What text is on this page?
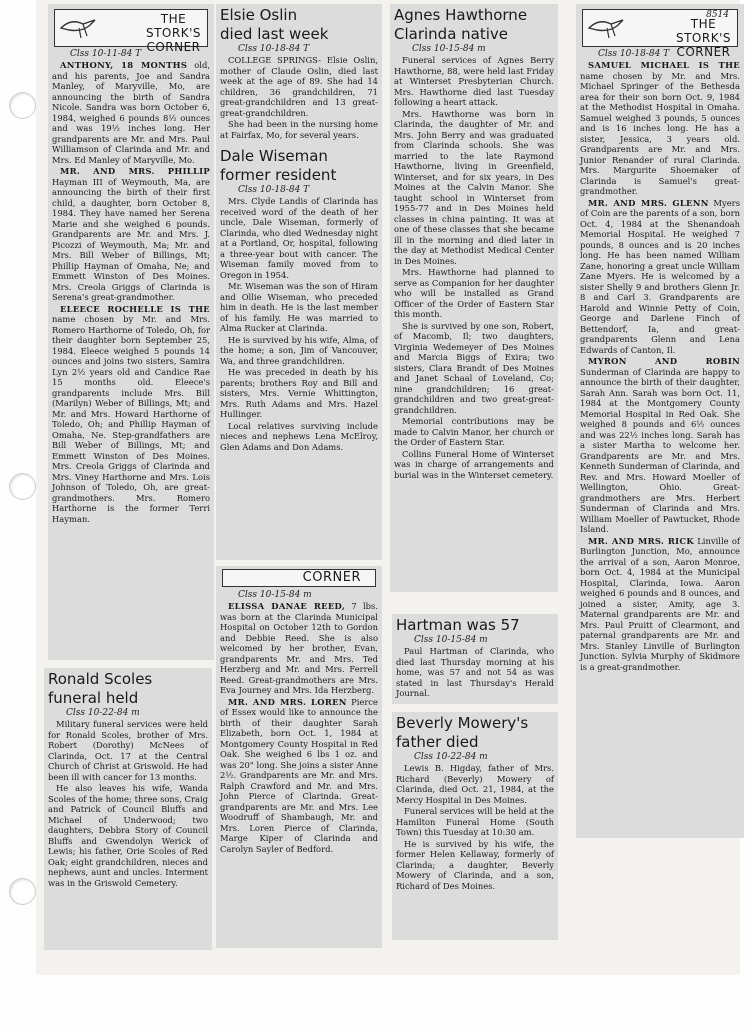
THE
STORK'S
CORNER
Clss 10-11-84 T

ANTHONY, 18 MONTHS old, and his parents, Joe and Sandra Manley, of Maryville, Mo, are announcing the birth of Sandra Nicole. Sandra was born October 6, 1984, weighed 6 pounds 8½ ounces and was 19½ inches long. Her grandparents are Mr. and Mrs. Paul Williamson of Clarinda and Mr. and Mrs. Ed Manley of Maryville, Mo.

MR. AND MRS. PHILLIP Hayman III of Weymouth, Ma, are announcing the birth of their first child, a daughter, born October 8, 1984. They have named her Serena Marie and she weighed 6 pounds. Grandparents are Mr. and Mrs. J. Picozzi of Weymouth, Ma; Mr. and Mrs. Bill Weber of Billings, Mt; Phillip Hayman of Omaha, Ne; and Emmett Winston of Des Moines. Mrs. Creola Griggs of Clarinda is Serena's great-grandmother.

ELEECE ROCHELLE IS THE name chosen by Mr. and Mrs. Romero Harthorne of Toledo, Oh, for their daughter born September 25, 1984. Eleece weighed 5 pounds 14 ounces and joins two sisters, Samira Lyn 2½ years old and Candice Rae 15 months old. Eleece's grandparents include Mrs. Bill (Marilyn) Weber of Billings, Mt; and Mr. and Mrs. Howard Harthorne of Toledo, Oh; and Phillip Hayman of Omaha, Ne. Step-grandfathers are Bill Weber of Billings, Mt; and Emmett Winston of Des Moines. Mrs. Creola Griggs of Clarinda and Mrs. Viney Harthorne and Mrs. Lois Johnson of Toledo, Oh, are great-grandmothers. Mrs. Romero Harthorne is the former Terri Hayman.

Ronald Scoles
funeral held
Clss 10-22-84 m

Military funeral services were held for Ronald Scoles, brother of Mrs. Robert (Dorothy) McNees of Clarinda, Oct. 17 at the Central Church of Christ at Griswold. He had been ill with cancer for 13 months.

He also leaves his wife, Wanda Scoles of the home; three sons, Craig and Patrick of Council Bluffs and Michael of Underwood; two daughters, Debbra Story of Council Bluffs and Gwendolyn Werick of Lewis; his father, Orie Scoles of Red Oak; eight grandchildren, nieces and nephews, aunt and uncles. Interment was in the Griswold Cemetery.

Elsie Oslin
died last week
Clss 10-18-84 T

COLLEGE SPRINGS- Elsie Oslin, mother of Claude Oslin, died last week at the age of 89. She had 14 children, 36 grandchildren, 71 great-grandchildren and 13 great-great-grandchildren.

She had been in the nursing home at Fairfax, Mo, for several years.

Dale Wiseman
former resident
Clss 10-18-84 T

Mrs. Clyde Landis of Clarinda has received word of the death of her uncle, Dale Wiseman, formerly of Clarinda, who died Wednesday night at a Portland, Or, hospital, following a three-year bout with cancer. The Wiseman family moved from to Oregon in 1954.

Mr. Wiseman was the son of Hiram and Ollie Wiseman, who preceded him in death. He is the last member of his family. He was married to Alma Rucker at Clarinda.

He is survived by his wife, Alma, of the home; a son, Jim of Vancouver, Wa, and three grandchildren.

He was preceded in death by his parents; brothers Roy and Bill and sisters, Mrs. Vernie Whittington, Mrs. Ruth Adams and Mrs. Hazel Hullinger.

Local relatives surviving include nieces and nephews Lena McElroy, Glen Adams and Don Adams.

CORNER
Clss 10-15-84 m

ELISSA DANAE REED, 7 lbs. was born at the Clarinda Municipal Hospital on October 12th to Gordon and Debbie Reed. She is also welcomed by her brother, Evan, grandparents Mr. and Mrs. Ted Herzberg and Mr. and Mrs. Ferrell Reed. Great-grandmothers are Mrs. Eva Journey and Mrs. Ida Herzberg.

MR. AND MRS. LOREN Pierce of Essex would like to announce the birth of their daughter Sarah Elizabeth, born Oct. 1, 1984 at Montgomery County Hospital in Red Oak. She weighed 6 lbs 1 oz. and was 20" long. She joins a sister Anne 2½. Grandparents are Mr. and Mrs. Ralph Crawford and Mr. and Mrs. John Pierce of Clarinda. Great-grandparents are Mr. and Mrs. Lee Woodruff of Shambaugh, Mr. and Mrs. Loren Pierce of Clarinda, Marge Kiper of Clarinda and Carolyn Sayler of Bedford.

Agnes Hawthorne
Clarinda native
Clss 10-15-84 m

Funeral services of Agnes Berry Hawthorne, 88, were held last Friday at Winterset Presbyterian Church. Mrs. Hawthorne died last Tuesday following a heart attack.

Mrs. Hawthorne was born in Clarinda, the daughter of Mr. and Mrs. John Berry and was graduated from Clarinda schools. She was married to the late Raymond Hawthorne, living in Greenfield, Winterset, and for six years, in Des Moines at the Calvin Manor. She taught school in Winterset from 1955-77 and in Des Moines held classes in china painting. It was at one of these classes that she became ill in the morning and died later in the day at Methodist Medical Center in Des Moines.

Mrs. Hawthorne had planned to serve as Companion for her daughter who will be installed as Grand Officer of the Order of Eastern Star this month.

She is survived by one son, Robert, of Macomb, Il; two daughters, Virginia Wedemeyer of Des Moines and Marcia Biggs of Exira; two sisters, Clara Brandt of Des Moines and Janet Schaal of Loveland, Co; nine grandchildren; 16 great-grandchildren and two great-great-grandchildren.

Memorial contributions may be made to Calvin Manor, her church or the Order of Eastern Star.

Collins Funeral Home of Winterset was in charge of arrangements and burial was in the Winterset cemetery.

Hartman was 57
Clss 10-15-84 m

Paul Hartman of Clarinda, who died last Thursday morning at his home, was 57 and not 54 as was stated in last Thursday's Herald Journal.

Beverly Mowery's
father died
Clss 10-22-84 m

Lewis B. Higday, father of Mrs. Richard (Beverly) Mowery of Clarinda, died Oct. 21, 1984, at the Mercy Hospital in Des Moines.

Funeral services will be held at the Hamilton Funeral Home (South Town) this Tuesday at 10:30 am.

He is survived by his wife, the former Helen Kellaway, formerly of Clarinda; a daughter, Beverly Mowery of Clarinda, and a son, Richard of Des Moines.

8514
THE
STORK'S
CORNER
Clss 10-18-84 T

SAMUEL MICHAEL IS THE name chosen by Mr. and Mrs. Michael Springer of the Bethesda area for their son born Oct. 9, 1984 at the Methodist Hospital in Omaha. Samuel weighed 3 pounds, 5 ounces and is 16 inches long. He has a sister, Jessica, 3 years old. Grandparents are Mr. and Mrs. Junior Renander of rural Clarinda. Mrs. Margurite Shoemaker of Clarinda is Samuel's great-grandmother.

MR. AND MRS. GLENN Myers of Coin are the parents of a son, born Oct. 4, 1984 at the Shenandoah Memorial Hospital. He weighed 7 pounds, 8 ounces and is 20 inches long. He has been named William Zane, honoring a great uncle William Zane Myers. He is welcomed by a sister Shelly 9 and brothers Glenn Jr. 8 and Carl 3. Grandparents are Harold and Winnie Petty of Coin, George and Darlene Finch of Bettendorf, Ia, and great-grandparents Glenn and Lena Edwards of Canton, Il.

MYRON AND ROBIN Sunderman of Clarinda are happy to announce the birth of their daughter, Sarah Ann. Sarah was born Oct. 11, 1984 at the Montgomery County Memorial Hospital in Red Oak. She weighed 8 pounds and 6½ ounces and was 22½ inches long. Sarah has a sister Martha to welcome her. Grandparents are Mr. and Mrs. Kenneth Sunderman of Clarinda, and Rev. and Mrs. Howard Moeller of Wellington, Ohio. Great-grandmothers are Mrs. Herbert Sunderman of Clarinda and Mrs. William Moeller of Pawtucket, Rhode Island.

MR. AND MRS. RICK Linville of Burlington Junction, Mo, announce the arrival of a son, Aaron Monroe, born Oct. 4, 1984 at the Municipal Hospital, Clarinda, Iowa. Aaron weighed 6 pounds and 8 ounces, and joined a sister, Amity, age 3. Maternal grandparents are Mr. and Mrs. Paul Pruitt of Clearmont, and paternal grandparents are Mr. and Mrs. Stanley Linville of Burlington Junction. Sylvia Murphy of Skidmore is a great-grandmother.
